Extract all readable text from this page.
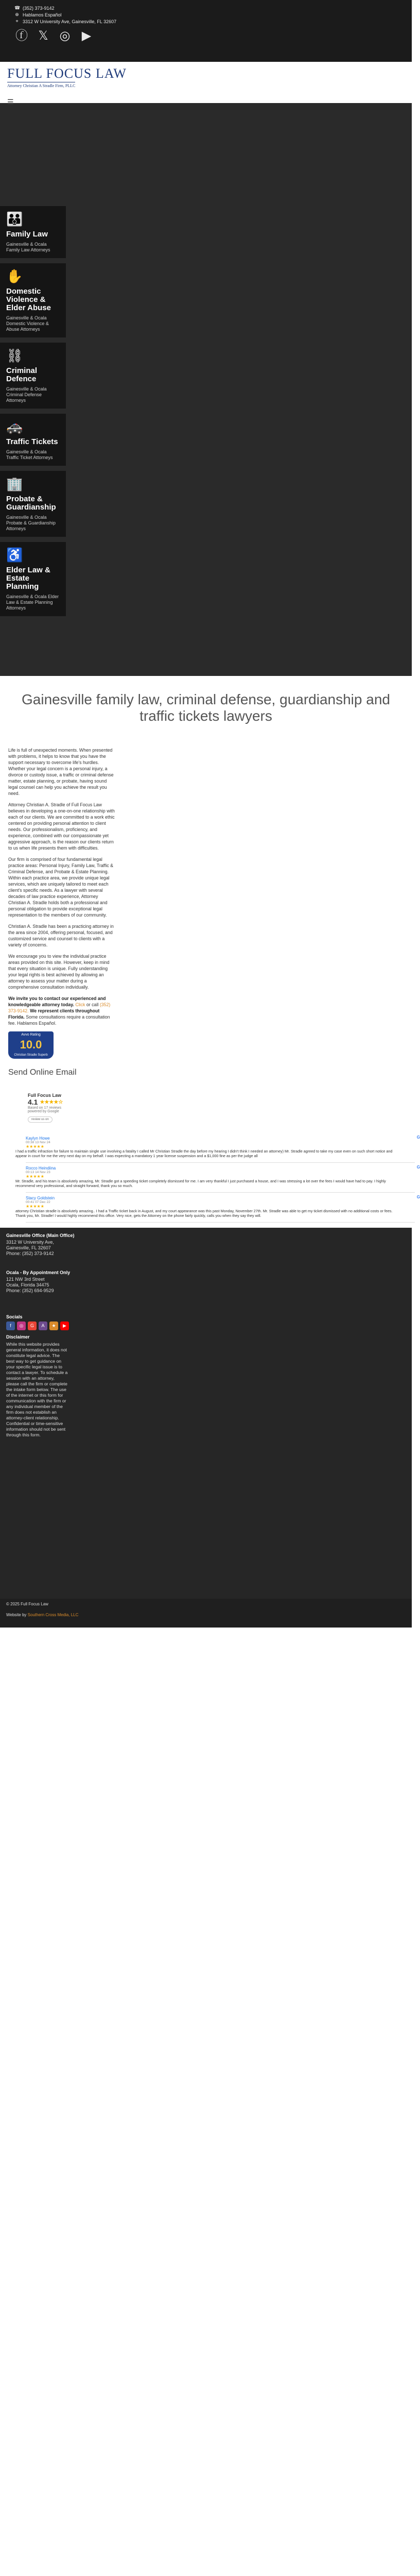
☎ (352) 373-9142
⊕ Hablamos Español
⌖ 3312 W University Ave, Gainesville, FL 32607
ⓕ 𝕏 ◎ ▶
FULL FOCUS LAW
Attorney Christian A Stradle Firm, PLLC
☰
👪
Family Law
Gainesville & Ocala Family Law Attorneys
✋
Domestic Violence & Elder Abuse
Gainesville & Ocala Domestic Violence & Abuse Attorneys
⛓
Criminal Defence
Gainesville & Ocala Criminal Defense Attorneys
🚓
Traffic Tickets
Gainesville & Ocala Traffic Ticket Attorneys
🏢
Probate & Guardianship
Gainesville & Ocala Probate & Guardianship Attorneys
♿
Elder Law & Estate Planning
Gainesville & Ocala Elder Law & Estate Planning Attorneys
Gainesville family law, criminal defense, guardianship and traffic tickets lawyers

Life is full of unexpected moments. When presented with problems, it helps to know that you have the support necessary to overcome life's hurdles. Whether your legal concern is a personal injury, a divorce or custody issue, a traffic or criminal defense matter, estate planning, or probate, having sound legal counsel can help you achieve the result you need.

Attorney Christian A. Stradle of Full Focus Law believes in developing a one-on-one relationship with each of our clients. We are committed to a work ethic centered on providing personal attention to client needs. Our professionalism, proficiency, and experience, combined with our compassionate yet aggressive approach, is the reason our clients return to us when life presents them with difficulties.

Our firm is comprised of four fundamental legal practice areas: Personal Injury, Family Law, Traffic & Criminal Defense, and Probate & Estate Planning. Within each practice area, we provide unique legal services, which are uniquely tailored to meet each client's specific needs. As a lawyer with several decades of law practice experience, Attorney Christian A. Stradle holds both a professional and personal obligation to provide exceptional legal representation to the members of our community.

Christian A. Stradle has been a practicing attorney in the area since 2004, offering personal, focused, and customized service and counsel to clients with a variety of concerns.

We encourage you to view the individual practice areas provided on this site. However, keep in mind that every situation is unique. Fully understanding your legal rights is best achieved by allowing an attorney to assess your matter during a comprehensive consultation individually.

We invite you to contact our experienced and knowledgeable attorney today. Click or call (352) 373-9142. We represent clients throughout Florida. Some consultations require a consultation fee. Hablamos Español.

Avvo Rating
10.0
Christian Stradle Superb
Send Online Email
Full Focus Law
4.1 ★★★★☆
Based on 17 reviews
powered by Google
review us on
Kaylyn Howe
00:38 13 Nov 24
★★★★★
I had a traffic infraction for failure to maintain single use involving a fatality I called Mr Christian Stradle the day before my hearing I didn't think I needed an attorney) Mr. Stradle agreed to take my case even on such short notice and appear in court for me the very next day on my behalf. I was expecting a mandatory 1 year license suspension and a $1,000 fine as per the judge all
G
Rocco Heindiina
00:13 14 Nov 23
★★★★★
Mr. Stradle, and his team is absolutely amazing, Mr. Stradle got a speeding ticket completely dismissed for me. I am very thankful I just purchased a house, and I was stressing a lot over the fees I would have had to pay. I highly recommend very professional, and straight forward, thank you so much.
G
Stacy Goldstein
00:41 07 Dec 22
★★★★★
attorney Christian stradle is absolutely amazing.. I had a Traffic ticket back in August, and my court appearance was this past Monday, November 27th. Mr. Stradle was able to get my ticket dismissed with no additional costs or fees. Thank you, Mr. Stradle! I would highly recommend this office. Very nice, gets the Attorney on the phone fairly quickly, calls you when they say they will.
G
Gainesville Office (Main Office)
3312 W University Ave,
Gainesville, FL 32607
Phone: (352) 373-9142
Ocala - By Appointment Only
121 NW 3rd Street
Ocala, Florida 34475
Phone: (352) 694-9529
Socials
f	◎	G	A	★	▶
Disclaimer
While this website provides general information, it does not constitute legal advice. The best way to get guidance on your specific legal issue is to contact a lawyer. To schedule a session with an attorney, please call the firm or complete the intake form below. The use of the internet or this form for communication with the firm or any individual member of the firm does not establish an attorney-client relationship. Confidential or time-sensitive information should not be sent through this form.
© 2025 Full Focus Law
Website by Southern Cross Media, LLC
